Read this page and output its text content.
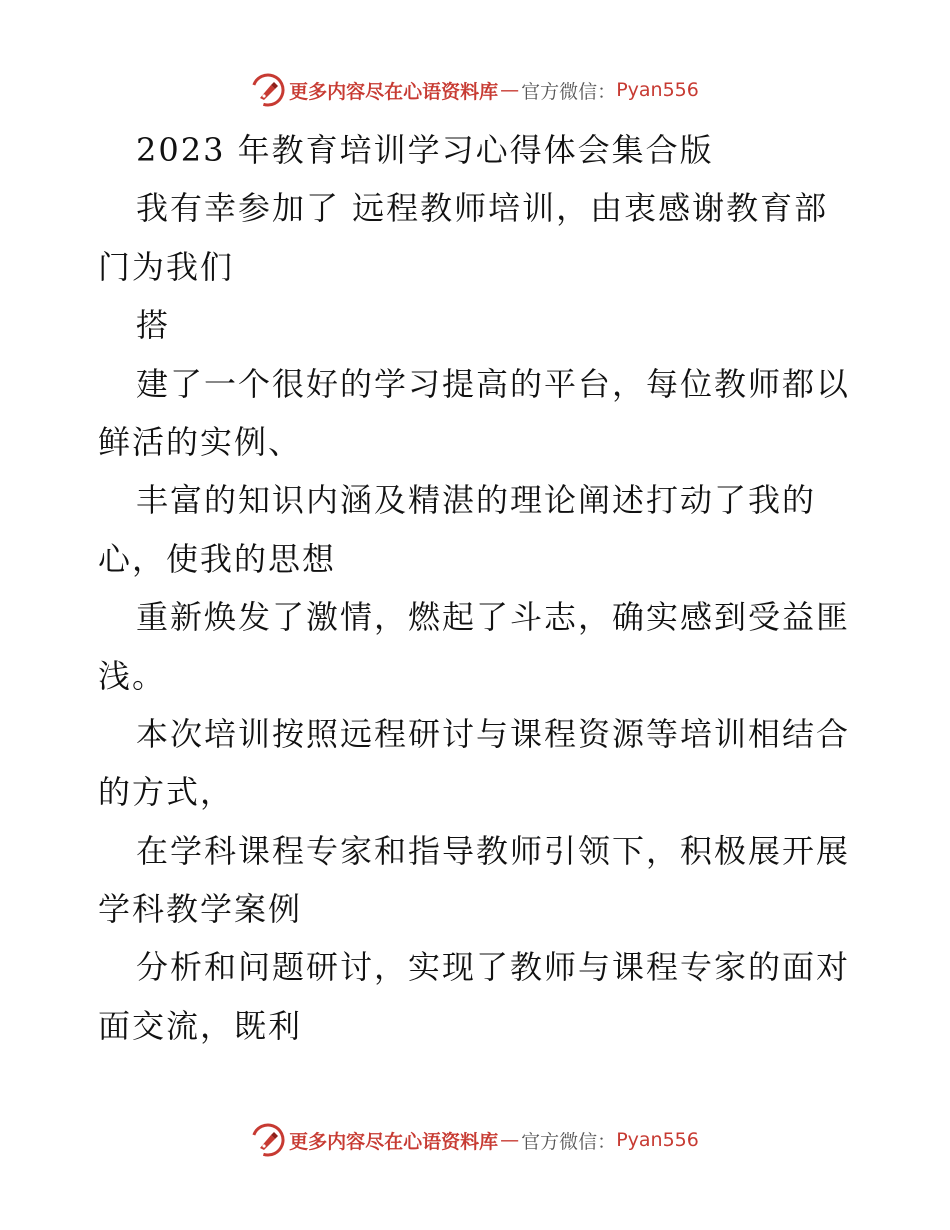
更多内容尽在心语资料库 — 官方微信： Pyan556
2023 年教育培训学习心得体会集合版
我有幸参加了 远程教师培训，由衷感谢教育部
门为我们
搭
建了一个很好的学习提高的平台，每位教师都以
鲜活的实例、
丰富的知识内涵及精湛的理论阐述打动了我的
心，使我的思想
重新焕发了激情，燃起了斗志，确实感到受益匪
浅。
本次培训按照远程研讨与课程资源等培训相结合
的方式，
在学科课程专家和指导教师引领下，积极展开展
学科教学案例
分析和问题研讨，实现了教师与课程专家的面对
面交流，既利
更多内容尽在心语资料库 — 官方微信： Pyan556
